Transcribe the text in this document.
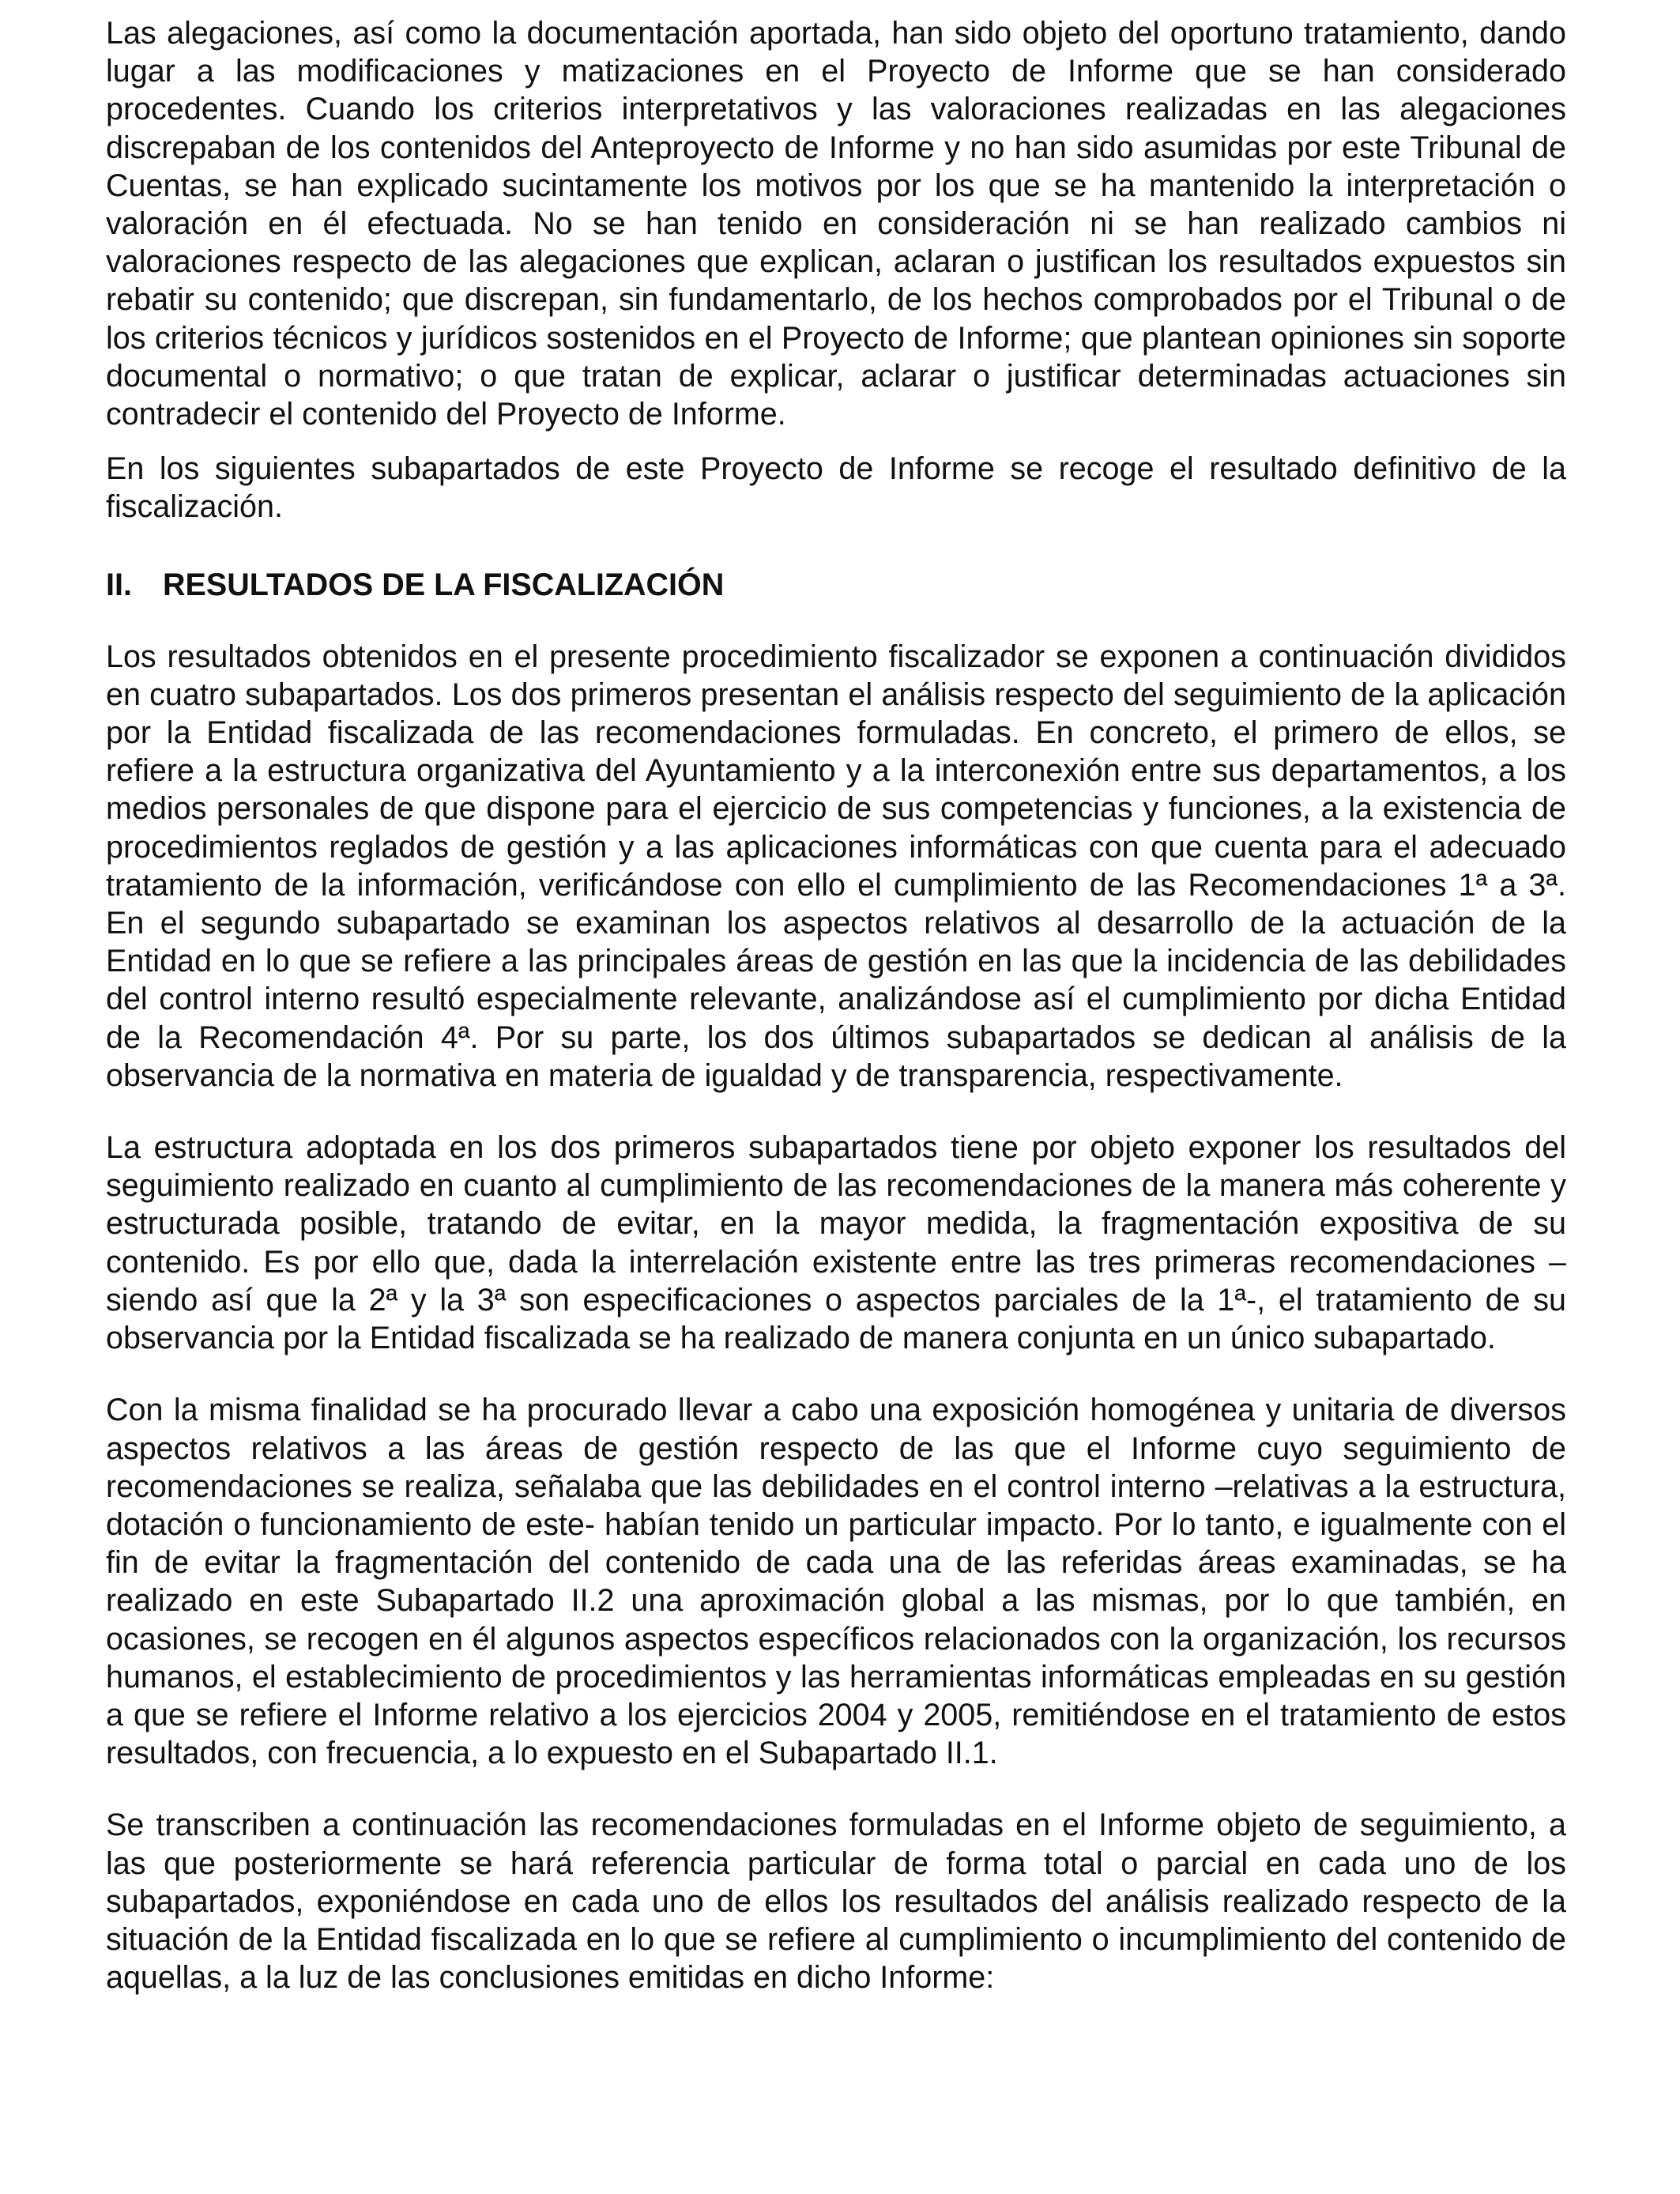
Las alegaciones, así como la documentación aportada, han sido objeto del oportuno tratamiento, dando lugar a las modificaciones y matizaciones en el Proyecto de Informe que se han considerado procedentes. Cuando los criterios interpretativos y las valoraciones realizadas en las alegaciones discrepaban de los contenidos del Anteproyecto de Informe y no han sido asumidas por este Tribunal de Cuentas, se han explicado sucintamente los motivos por los que se ha mantenido la interpretación o valoración en él efectuada. No se han tenido en consideración ni se han realizado cambios ni valoraciones respecto de las alegaciones que explican, aclaran o justifican los resultados expuestos sin rebatir su contenido; que discrepan, sin fundamentarlo, de los hechos comprobados por el Tribunal o de los criterios técnicos y jurídicos sostenidos en el Proyecto de Informe; que plantean opiniones sin soporte documental o normativo; o que tratan de explicar, aclarar o justificar determinadas actuaciones sin contradecir el contenido del Proyecto de Informe.

En los siguientes subapartados de este Proyecto de Informe se recoge el resultado definitivo de la fiscalización.

II. RESULTADOS DE LA FISCALIZACIÓN

Los resultados obtenidos en el presente procedimiento fiscalizador se exponen a continuación divididos en cuatro subapartados. Los dos primeros presentan el análisis respecto del seguimiento de la aplicación por la Entidad fiscalizada de las recomendaciones formuladas. En concreto, el primero de ellos, se refiere a la estructura organizativa del Ayuntamiento y a la interconexión entre sus departamentos, a los medios personales de que dispone para el ejercicio de sus competencias y funciones, a la existencia de procedimientos reglados de gestión y a las aplicaciones informáticas con que cuenta para el adecuado tratamiento de la información, verificándose con ello el cumplimiento de las Recomendaciones 1ª a 3ª. En el segundo subapartado se examinan los aspectos relativos al desarrollo de la actuación de la Entidad en lo que se refiere a las principales áreas de gestión en las que la incidencia de las debilidades del control interno resultó especialmente relevante, analizándose así el cumplimiento por dicha Entidad de la Recomendación 4ª. Por su parte, los dos últimos subapartados se dedican al análisis de la observancia de la normativa en materia de igualdad y de transparencia, respectivamente.

La estructura adoptada en los dos primeros subapartados tiene por objeto exponer los resultados del seguimiento realizado en cuanto al cumplimiento de las recomendaciones de la manera más coherente y estructurada posible, tratando de evitar, en la mayor medida, la fragmentación expositiva de su contenido. Es por ello que, dada la interrelación existente entre las tres primeras recomendaciones –siendo así que la 2ª y la 3ª son especificaciones o aspectos parciales de la 1ª-, el tratamiento de su observancia por la Entidad fiscalizada se ha realizado de manera conjunta en un único subapartado.

Con la misma finalidad se ha procurado llevar a cabo una exposición homogénea y unitaria de diversos aspectos relativos a las áreas de gestión respecto de las que el Informe cuyo seguimiento de recomendaciones se realiza, señalaba que las debilidades en el control interno –relativas a la estructura, dotación o funcionamiento de este- habían tenido un particular impacto. Por lo tanto, e igualmente con el fin de evitar la fragmentación del contenido de cada una de las referidas áreas examinadas, se ha realizado en este Subapartado II.2 una aproximación global a las mismas, por lo que también, en ocasiones, se recogen en él algunos aspectos específicos relacionados con la organización, los recursos humanos, el establecimiento de procedimientos y las herramientas informáticas empleadas en su gestión a que se refiere el Informe relativo a los ejercicios 2004 y 2005, remitiéndose en el tratamiento de estos resultados, con frecuencia, a lo expuesto en el Subapartado II.1.

Se transcriben a continuación las recomendaciones formuladas en el Informe objeto de seguimiento, a las que posteriormente se hará referencia particular de forma total o parcial en cada uno de los subapartados, exponiéndose en cada uno de ellos los resultados del análisis realizado respecto de la situación de la Entidad fiscalizada en lo que se refiere al cumplimiento o incumplimiento del contenido de aquellas, a la luz de las conclusiones emitidas en dicho Informe:
